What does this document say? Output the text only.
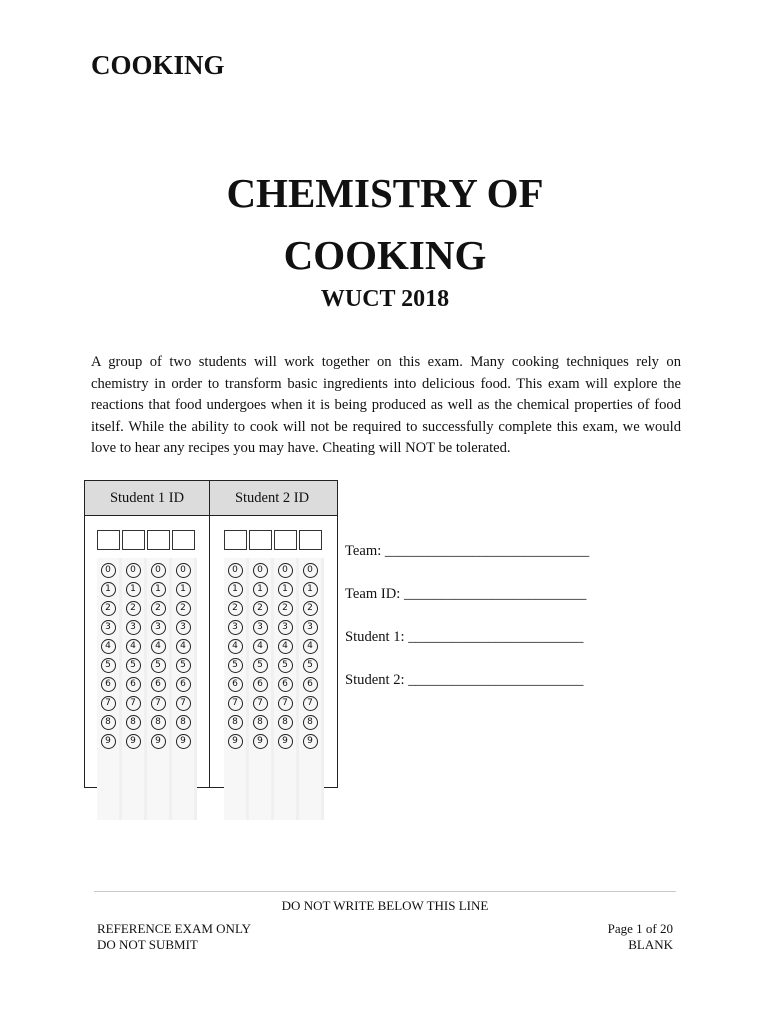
COOKING
CHEMISTRY OF
COOKING
WUCT 2018

A group of two students will work together on this exam. Many cooking techniques rely on chemistry in order to transform basic ingredients into delicious food. This exam will explore the reactions that food undergoes when it is being produced as well as the chemical properties of food itself. While the ability to cook will not be required to successfully complete this exam, we would love to hear any recipes you may have. Cheating will NOT be tolerated.

Student 1 ID	Student 2 ID
0
1
2
3
4
5
6
7
8
9
0
1
2
3
4
5
6
7
8
9
0
1
2
3
4
5
6
7
8
9
0
1
2
3
4
5
6
7
8
9
0
1
2
3
4
5
6
7
8
9
0
1
2
3
4
5
6
7
8
9
0
1
2
3
4
5
6
7
8
9
0
1
2
3
4
5
6
7
8
9

Team: ____________________________

Team ID: _________________________

Student 1: ________________________

Student 2: ________________________

DO NOT WRITE BELOW THIS LINE
REFERENCE EXAM ONLY
DO NOT SUBMIT
Page 1 of 20
BLANK
